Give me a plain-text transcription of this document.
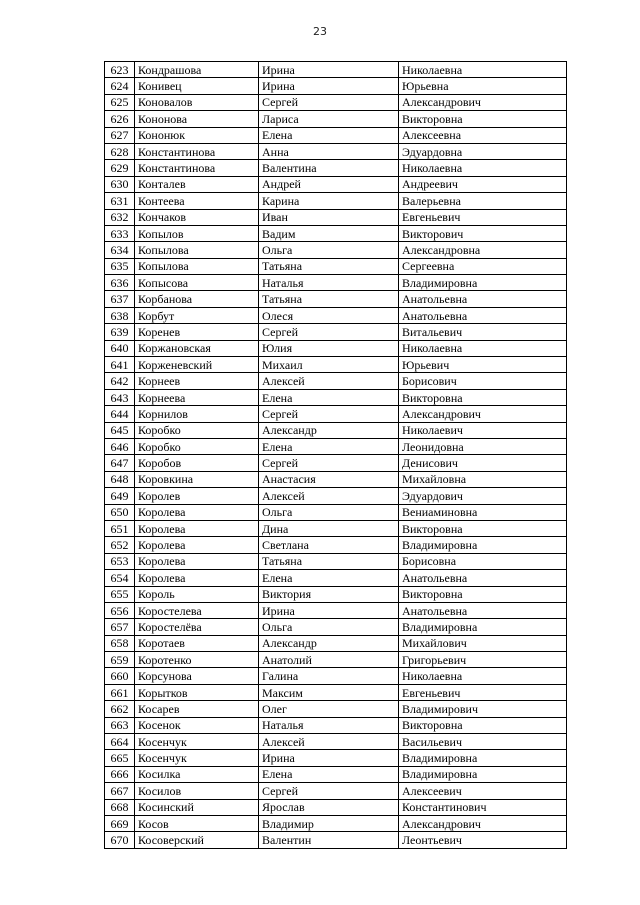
23
623	Кондрашова	Ирина	Николаевна
624	Конивец	Ирина	Юрьевна
625	Коновалов	Сергей	Александрович
626	Кононова	Лариса	Викторовна
627	Кононюк	Елена	Алексеевна
628	Константинова	Анна	Эдуардовна
629	Константинова	Валентина	Николаевна
630	Конталев	Андрей	Андреевич
631	Контеева	Карина	Валерьевна
632	Кончаков	Иван	Евгеньевич
633	Копылов	Вадим	Викторович
634	Копылова	Ольга	Александровна
635	Копылова	Татьяна	Сергеевна
636	Копысова	Наталья	Владимировна
637	Корбанова	Татьяна	Анатольевна
638	Корбут	Олеся	Анатольевна
639	Коренев	Сергей	Витальевич
640	Коржановская	Юлия	Николаевна
641	Корженевский	Михаил	Юрьевич
642	Корнеев	Алексей	Борисович
643	Корнеева	Елена	Викторовна
644	Корнилов	Сергей	Александрович
645	Коробко	Александр	Николаевич
646	Коробко	Елена	Леонидовна
647	Коробов	Сергей	Денисович
648	Коровкина	Анастасия	Михайловна
649	Королев	Алексей	Эдуардович
650	Королева	Ольга	Вениаминовна
651	Королева	Дина	Викторовна
652	Королева	Светлана	Владимировна
653	Королева	Татьяна	Борисовна
654	Королева	Елена	Анатольевна
655	Король	Виктория	Викторовна
656	Коростелева	Ирина	Анатольевна
657	Коростелёва	Ольга	Владимировна
658	Коротаев	Александр	Михайлович
659	Коротенко	Анатолий	Григорьевич
660	Корсунова	Галина	Николаевна
661	Корытков	Максим	Евгеньевич
662	Косарев	Олег	Владимирович
663	Косенок	Наталья	Викторовна
664	Косенчук	Алексей	Васильевич
665	Косенчук	Ирина	Владимировна
666	Косилка	Елена	Владимировна
667	Косилов	Сергей	Алексеевич
668	Косинский	Ярослав	Константинович
669	Косов	Владимир	Александрович
670	Косоверский	Валентин	Леонтьевич
